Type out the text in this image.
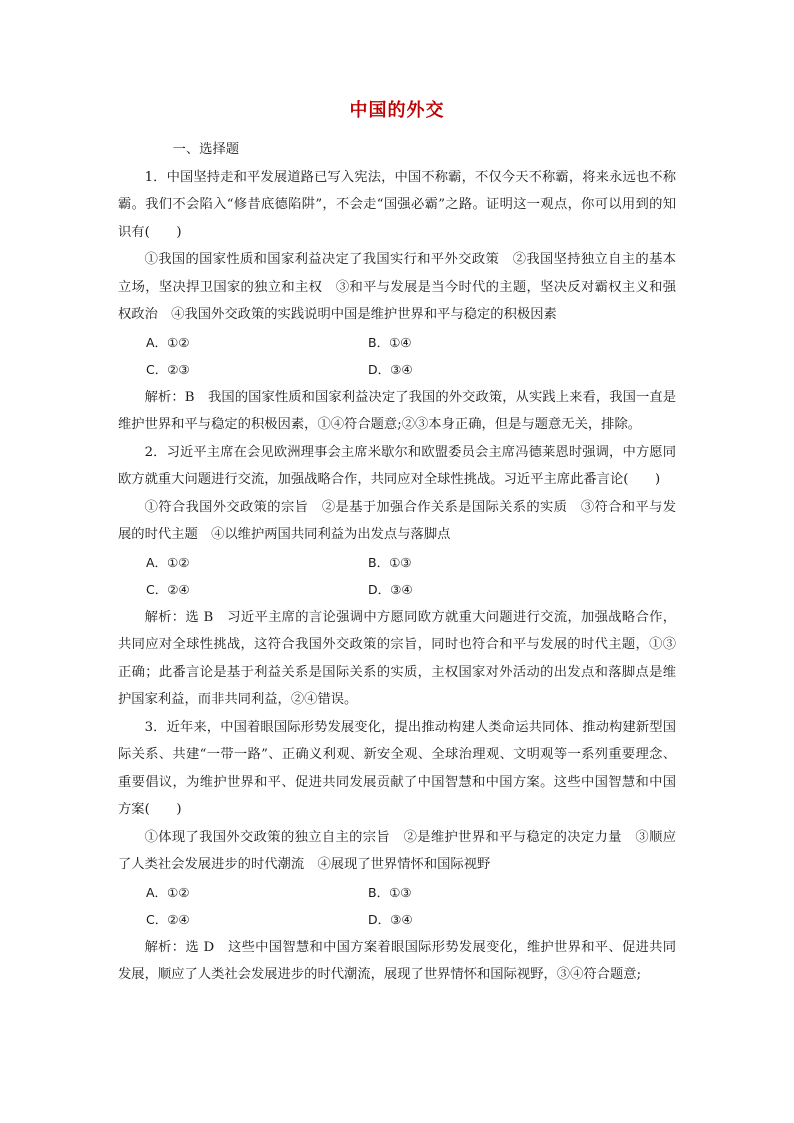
中国的外交

一、选择题

1．中国坚持走和平发展道路已写入宪法，中国不称霸，不仅今天不称霸，将来永远也不称霸。我们不会陷入“修昔底德陷阱”，不会走“国强必霸”之路。证明这一观点，你可以用到的知识有(　　)

①我国的国家性质和国家利益决定了我国实行和平外交政策　②我国坚持独立自主的基本立场，坚决捍卫国家的独立和主权　③和平与发展是当今时代的主题，坚决反对霸权主义和强权政治　④我国外交政策的实践说明中国是维护世界和平与稳定的积极因素

A．①②	B．①④
C．②③	D．③④

解析：B　我国的国家性质和国家利益决定了我国的外交政策，从实践上来看，我国一直是维护世界和平与稳定的积极因素，①④符合题意;②③本身正确，但是与题意无关，排除。

2．习近平主席在会见欧洲理事会主席米歇尔和欧盟委员会主席冯德莱恩时强调，中方愿同欧方就重大问题进行交流，加强战略合作，共同应对全球性挑战。习近平主席此番言论(　　)

①符合我国外交政策的宗旨　②是基于加强合作关系是国际关系的实质　③符合和平与发展的时代主题　④以维护两国共同利益为出发点与落脚点

A．①②	B．①③
C．②④	D．③④

解析：选 B　习近平主席的言论强调中方愿同欧方就重大问题进行交流，加强战略合作，共同应对全球性挑战，这符合我国外交政策的宗旨，同时也符合和平与发展的时代主题，①③正确；此番言论是基于利益关系是国际关系的实质，主权国家对外活动的出发点和落脚点是维护国家利益，而非共同利益，②④错误。

3．近年来，中国着眼国际形势发展变化，提出推动构建人类命运共同体、推动构建新型国际关系、共建“一带一路”、正确义利观、新安全观、全球治理观、文明观等一系列重要理念、重要倡议，为维护世界和平、促进共同发展贡献了中国智慧和中国方案。这些中国智慧和中国方案(　　)

①体现了我国外交政策的独立自主的宗旨　②是维护世界和平与稳定的决定力量　③顺应了人类社会发展进步的时代潮流　④展现了世界情怀和国际视野

A．①②	B．①③
C．②④	D．③④

解析：选 D　这些中国智慧和中国方案着眼国际形势发展变化，维护世界和平、促进共同发展，顺应了人类社会发展进步的时代潮流，展现了世界情怀和国际视野，③④符合题意;
